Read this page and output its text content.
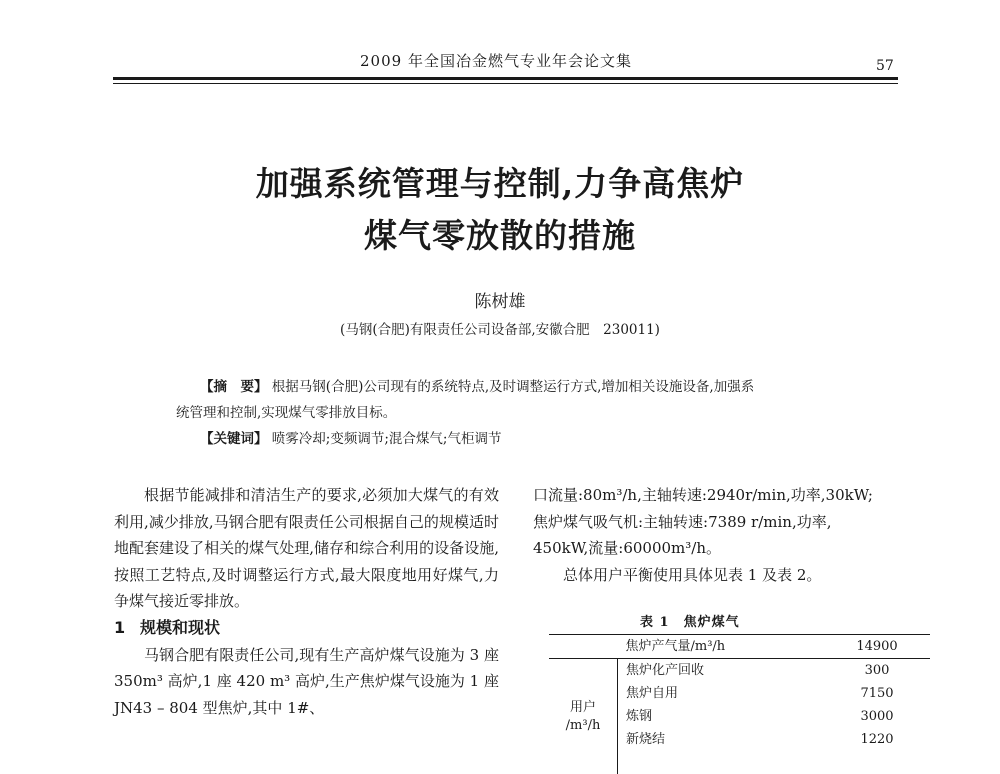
2009 年全国冶金燃气专业年会论文集	57
加强系统管理与控制,力争高焦炉
煤气零放散的措施
陈树雄
(马钢(合肥)有限责任公司设备部,安徽合肥　230011)
【摘　要】 根据马钢(合肥)公司现有的系统特点,及时调整运行方式,增加相关设施设备,加强系
统管理和控制,实现煤气零排放目标。
【关键词】 喷雾冷却;变频调节;混合煤气;气柜调节

根据节能减排和清洁生产的要求,必须加大煤气的有效利用,减少排放,马钢合肥有限责任公司根据自己的规模适时地配套建设了相关的煤气处理,储存和综合利用的设备设施,按照工艺特点,及时调整运行方式,最大限度地用好煤气,力争煤气接近零排放。

1 规模和现状

马钢合肥有限责任公司,现有生产高炉煤气设施为 3 座 350m³ 高炉,1 座 420 m³ 高炉,生产焦炉煤气设施为 1 座 JN43 – 804 型焦炉,其中 1#、

口流量:80m³/h,主轴转速:2940r/min,功率,30kW;

焦炉煤气吸气机:主轴转速:7389 r/min,功率,

450kW,流量:60000m³/h。

总体用户平衡使用具体见表 1 及表 2。

表 1　焦炉煤气
	焦炉产气量/m³/h	14900

用户
/m³/h	焦炉化产回收	300
	焦炉自用	7150
	炼钢	3000
	新烧结	1220
